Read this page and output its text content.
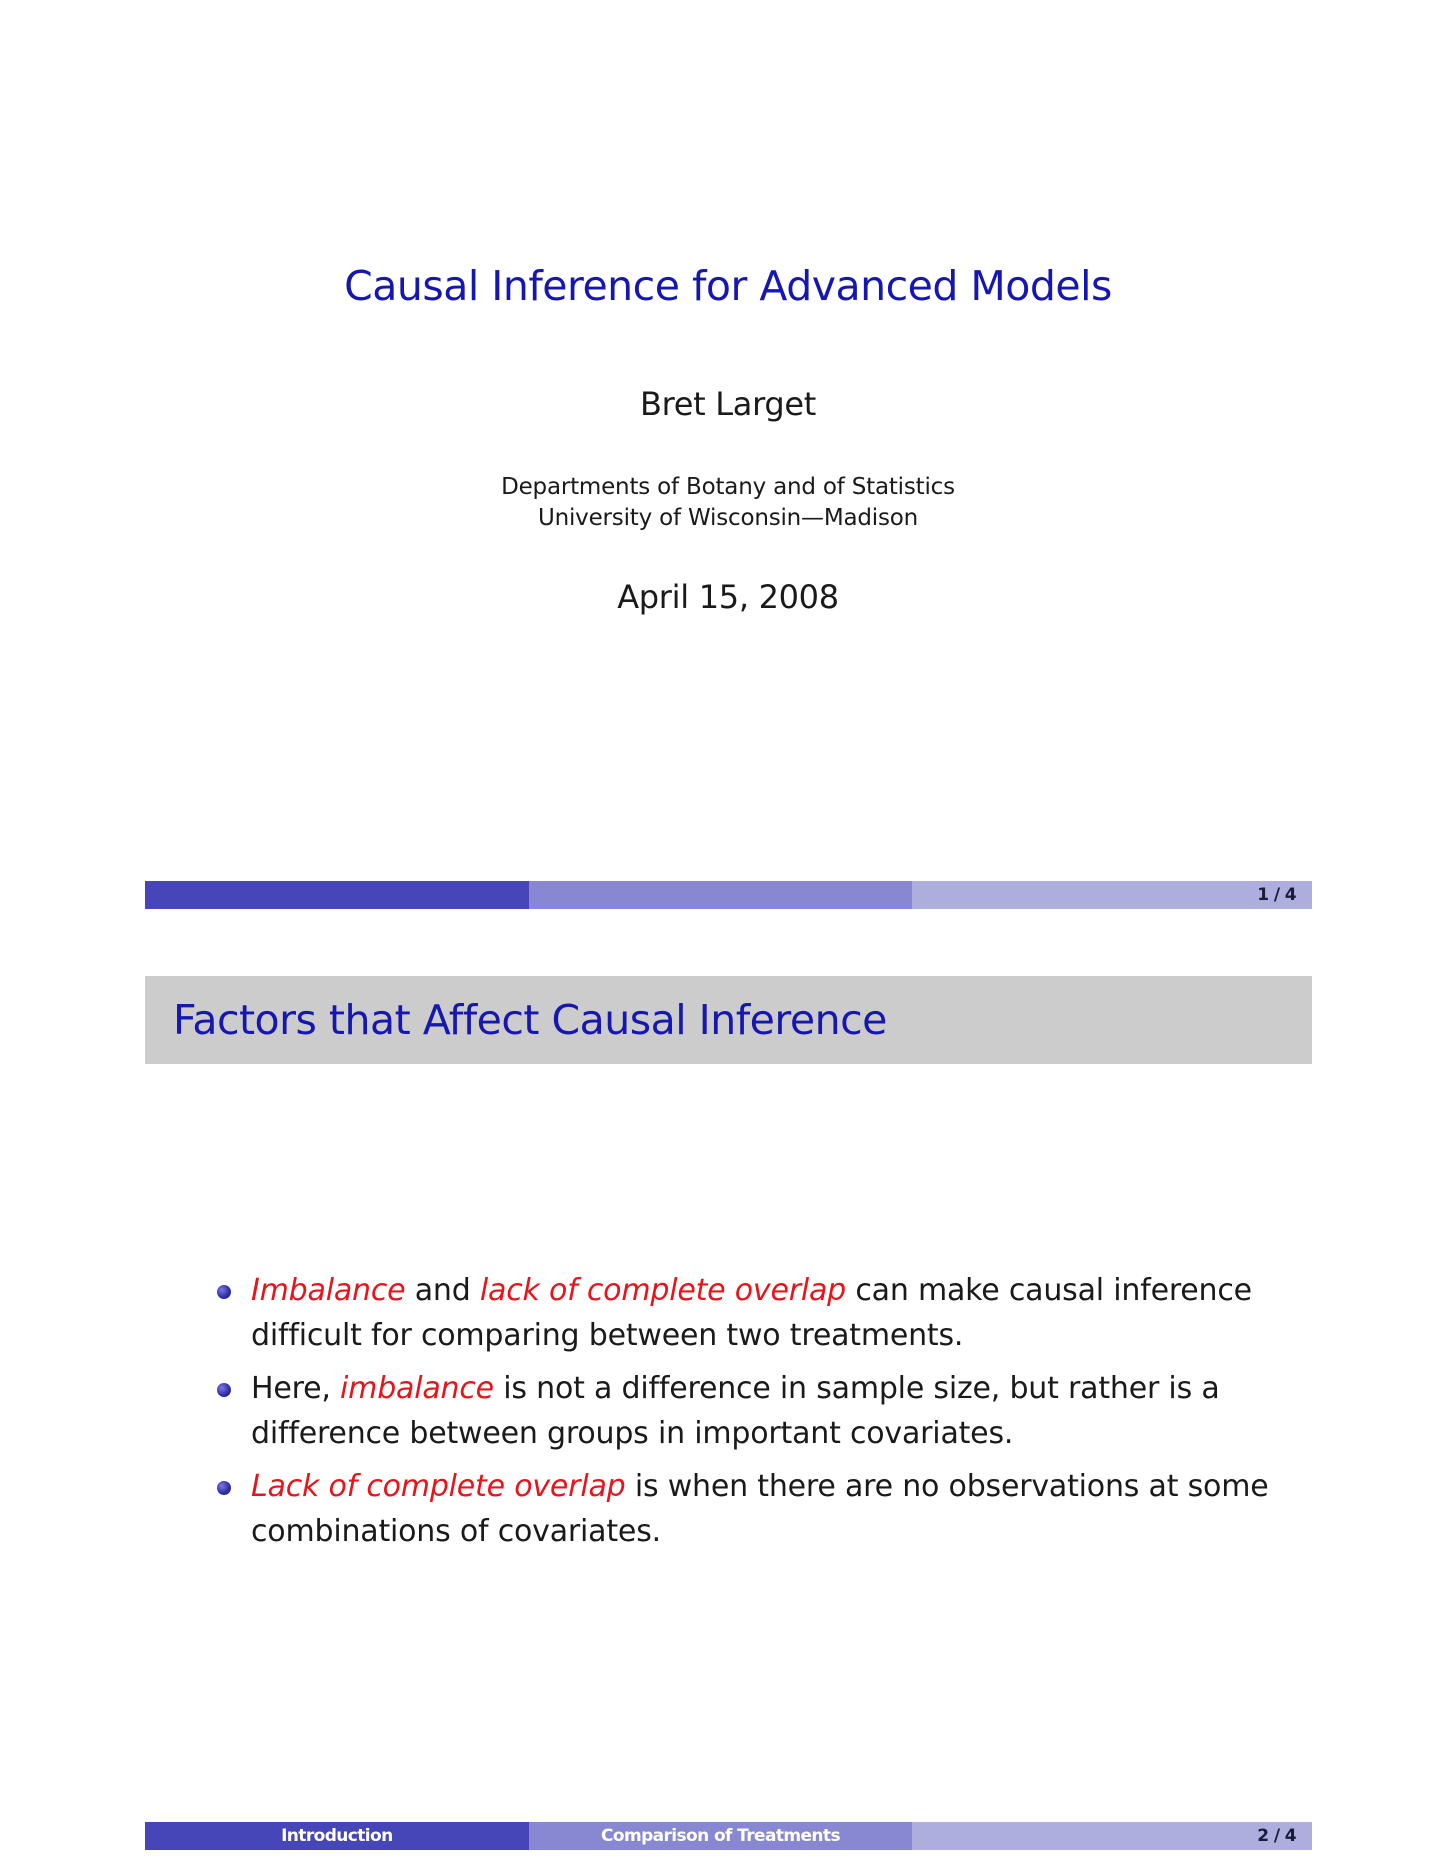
Causal Inference for Advanced Models
Bret Larget
Departments of Botany and of Statistics
University of Wisconsin—Madison
April 15, 2008
1 / 4
Factors that Affect Causal Inference
Imbalance and lack of complete overlap can make causal inference difficult for comparing between two treatments.
Here, imbalance is not a difference in sample size, but rather is a difference between groups in important covariates.
Lack of complete overlap is when there are no observations at some combinations of covariates.
Introduction	Comparison of Treatments	2 / 4
